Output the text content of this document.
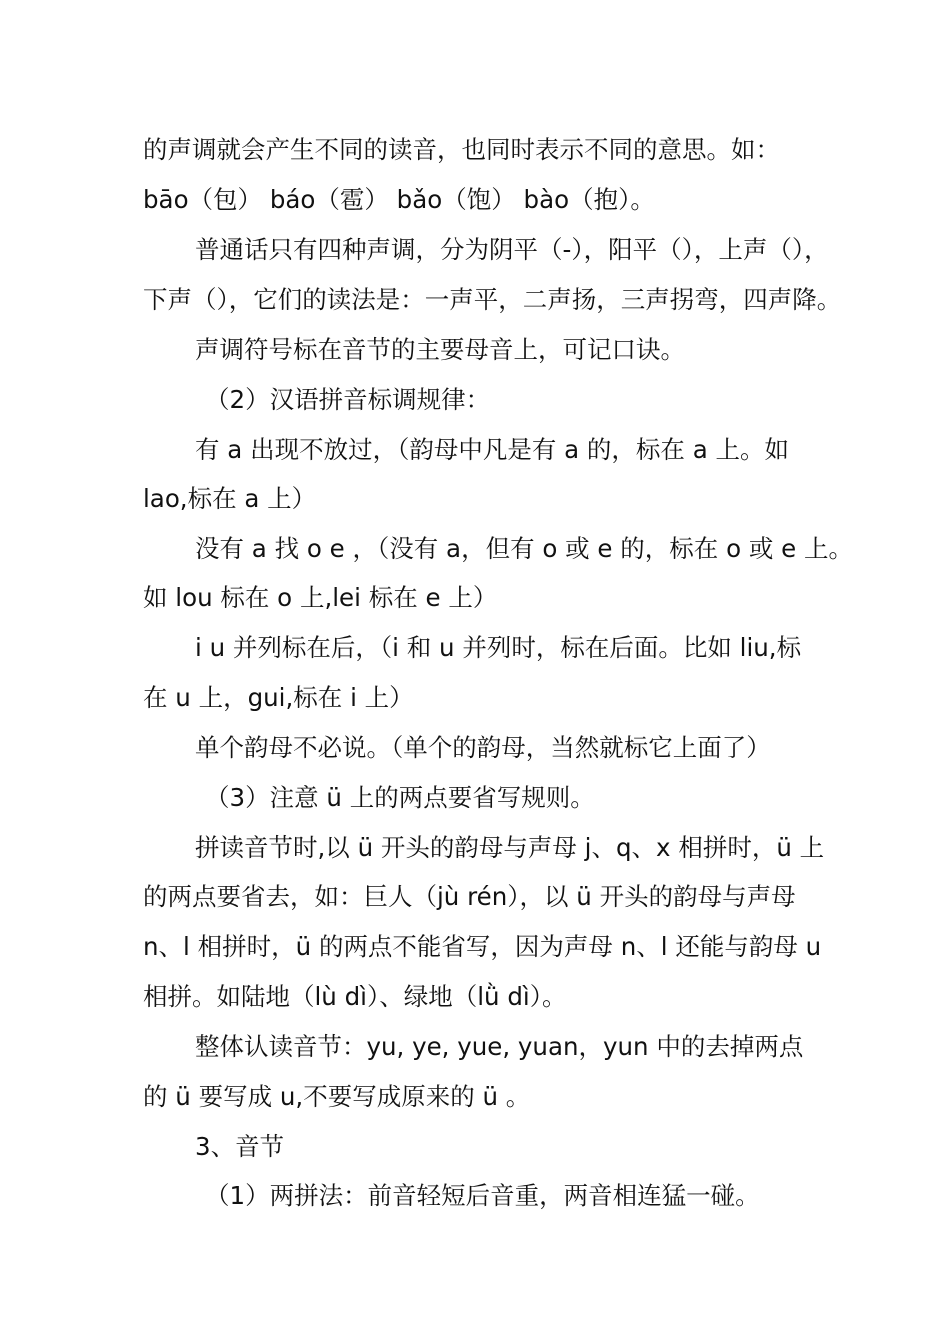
的声调就会产生不同的读音，也同时表示不同的意思。如：
bāo（包） báo（雹） bǎo（饱） bào（抱）。
普通话只有四种声调，分为阴平（-），阳平（），上声（），
下声（），它们的读法是：一声平，二声扬，三声拐弯，四声降。
声调符号标在音节的主要母音上，可记口诀。
（2）汉语拼音标调规律：
有 a 出现不放过，（韵母中凡是有 a 的，标在 a 上。如
lao,标在 a 上）
没有 a 找 o e ，（没有 a，但有 o 或 e 的，标在 o 或 e 上。
如 lou 标在 o 上,lei 标在 e 上）
i u 并列标在后，（i 和 u 并列时，标在后面。比如 liu,标
在 u 上，gui,标在 i 上）
单个韵母不必说。（单个的韵母，当然就标它上面了）
（3）注意 ü 上的两点要省写规则。
拼读音节时,以 ü 开头的韵母与声母 j、q、x 相拼时，ü 上
的两点要省去，如：巨人（jù rén），以 ü 开头的韵母与声母
n、l 相拼时，ü 的两点不能省写，因为声母 n、l 还能与韵母 u
相拼。如陆地（lù dì）、绿地（lǜ dì）。
整体认读音节：yu, ye, yue, yuan，yun 中的去掉两点
的 ü 要写成 u,不要写成原来的 ü 。
3、音节
（1）两拼法：前音轻短后音重，两音相连猛一碰。
